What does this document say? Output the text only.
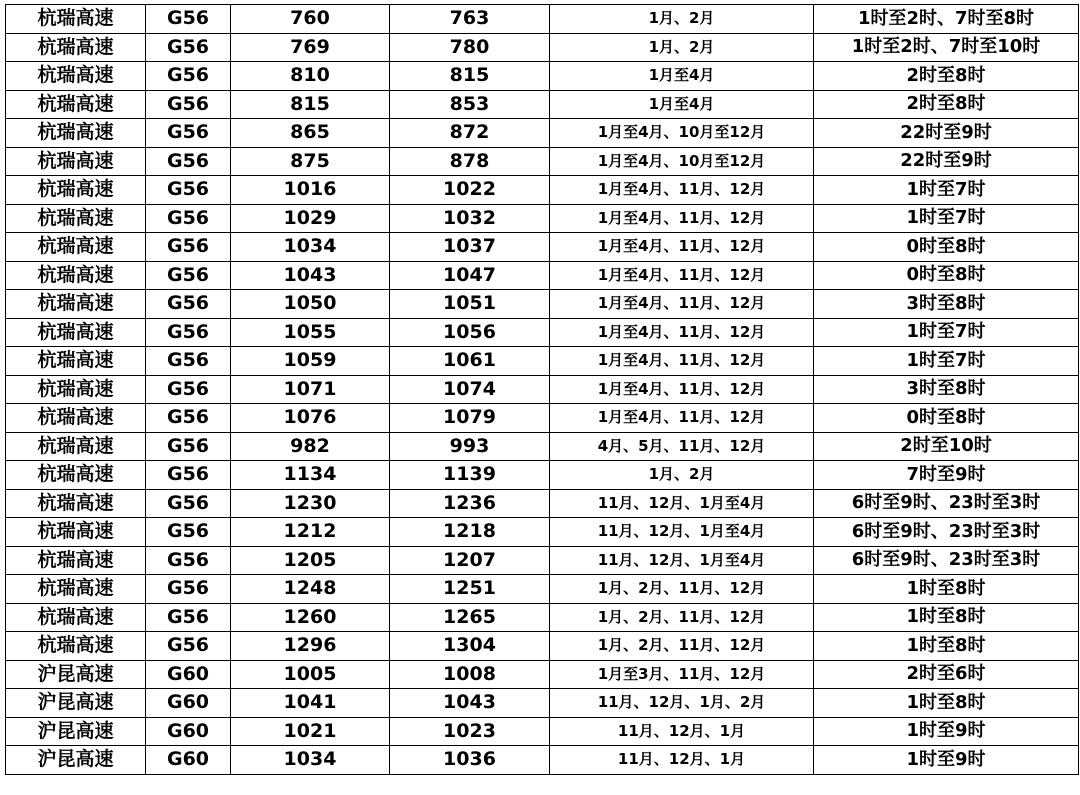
杭瑞高速	G56	760	763	1月、2月	1时至2时、7时至8时
杭瑞高速	G56	769	780	1月、2月	1时至2时、7时至10时
杭瑞高速	G56	810	815	1月至4月	2时至8时
杭瑞高速	G56	815	853	1月至4月	2时至8时
杭瑞高速	G56	865	872	1月至4月、10月至12月	22时至9时
杭瑞高速	G56	875	878	1月至4月、10月至12月	22时至9时
杭瑞高速	G56	1016	1022	1月至4月、11月、12月	1时至7时
杭瑞高速	G56	1029	1032	1月至4月、11月、12月	1时至7时
杭瑞高速	G56	1034	1037	1月至4月、11月、12月	0时至8时
杭瑞高速	G56	1043	1047	1月至4月、11月、12月	0时至8时
杭瑞高速	G56	1050	1051	1月至4月、11月、12月	3时至8时
杭瑞高速	G56	1055	1056	1月至4月、11月、12月	1时至7时
杭瑞高速	G56	1059	1061	1月至4月、11月、12月	1时至7时
杭瑞高速	G56	1071	1074	1月至4月、11月、12月	3时至8时
杭瑞高速	G56	1076	1079	1月至4月、11月、12月	0时至8时
杭瑞高速	G56	982	993	4月、5月、11月、12月	2时至10时
杭瑞高速	G56	1134	1139	1月、2月	7时至9时
杭瑞高速	G56	1230	1236	11月、12月、1月至4月	6时至9时、23时至3时
杭瑞高速	G56	1212	1218	11月、12月、1月至4月	6时至9时、23时至3时
杭瑞高速	G56	1205	1207	11月、12月、1月至4月	6时至9时、23时至3时
杭瑞高速	G56	1248	1251	1月、2月、11月、12月	1时至8时
杭瑞高速	G56	1260	1265	1月、2月、11月、12月	1时至8时
杭瑞高速	G56	1296	1304	1月、2月、11月、12月	1时至8时
沪昆高速	G60	1005	1008	1月至3月、11月、12月	2时至6时
沪昆高速	G60	1041	1043	11月、12月、1月、2月	1时至8时
沪昆高速	G60	1021	1023	11月、12月、1月	1时至9时
沪昆高速	G60	1034	1036	11月、12月、1月	1时至9时
